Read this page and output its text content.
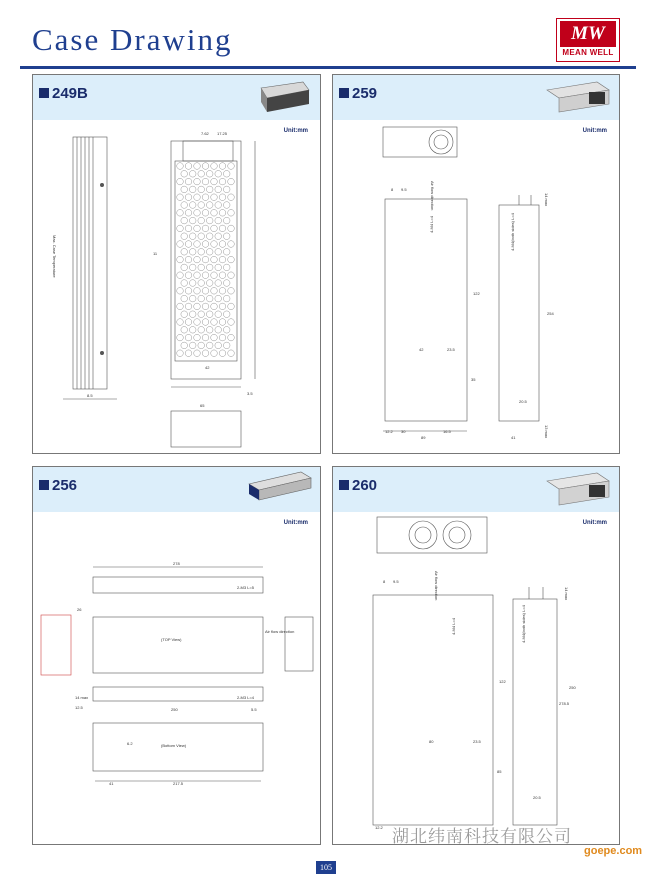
Case Drawing	MW
MEAN WELL
249B
Unit:mm
7.62 17.25
65
42
3.5
11
8.5
Max. Case Temperature
259
Unit:mm
8 9.5	Air flow direction
4-M4 L=4	4-M4(both sides) L=4
122
254
42	23.5
35
20.5
89	41
12.2 30	16.5
14 max
13 max
256
Unit:mm
278
26
(TOP View)
Air flow direction
(Bottom View)
2-M3 L=5
2-M3 L=4
41
12.5	250	5.5
6.2
217.5
14 max
260
Unit:mm
8 9.5	Air flow direction
4-M4 L=4	4-M4(both sides) L=4
122
278.5
250
80	23.5
85
20.5
12.2
14 max
湖北纬南科技有限公司
goepe.com
105
